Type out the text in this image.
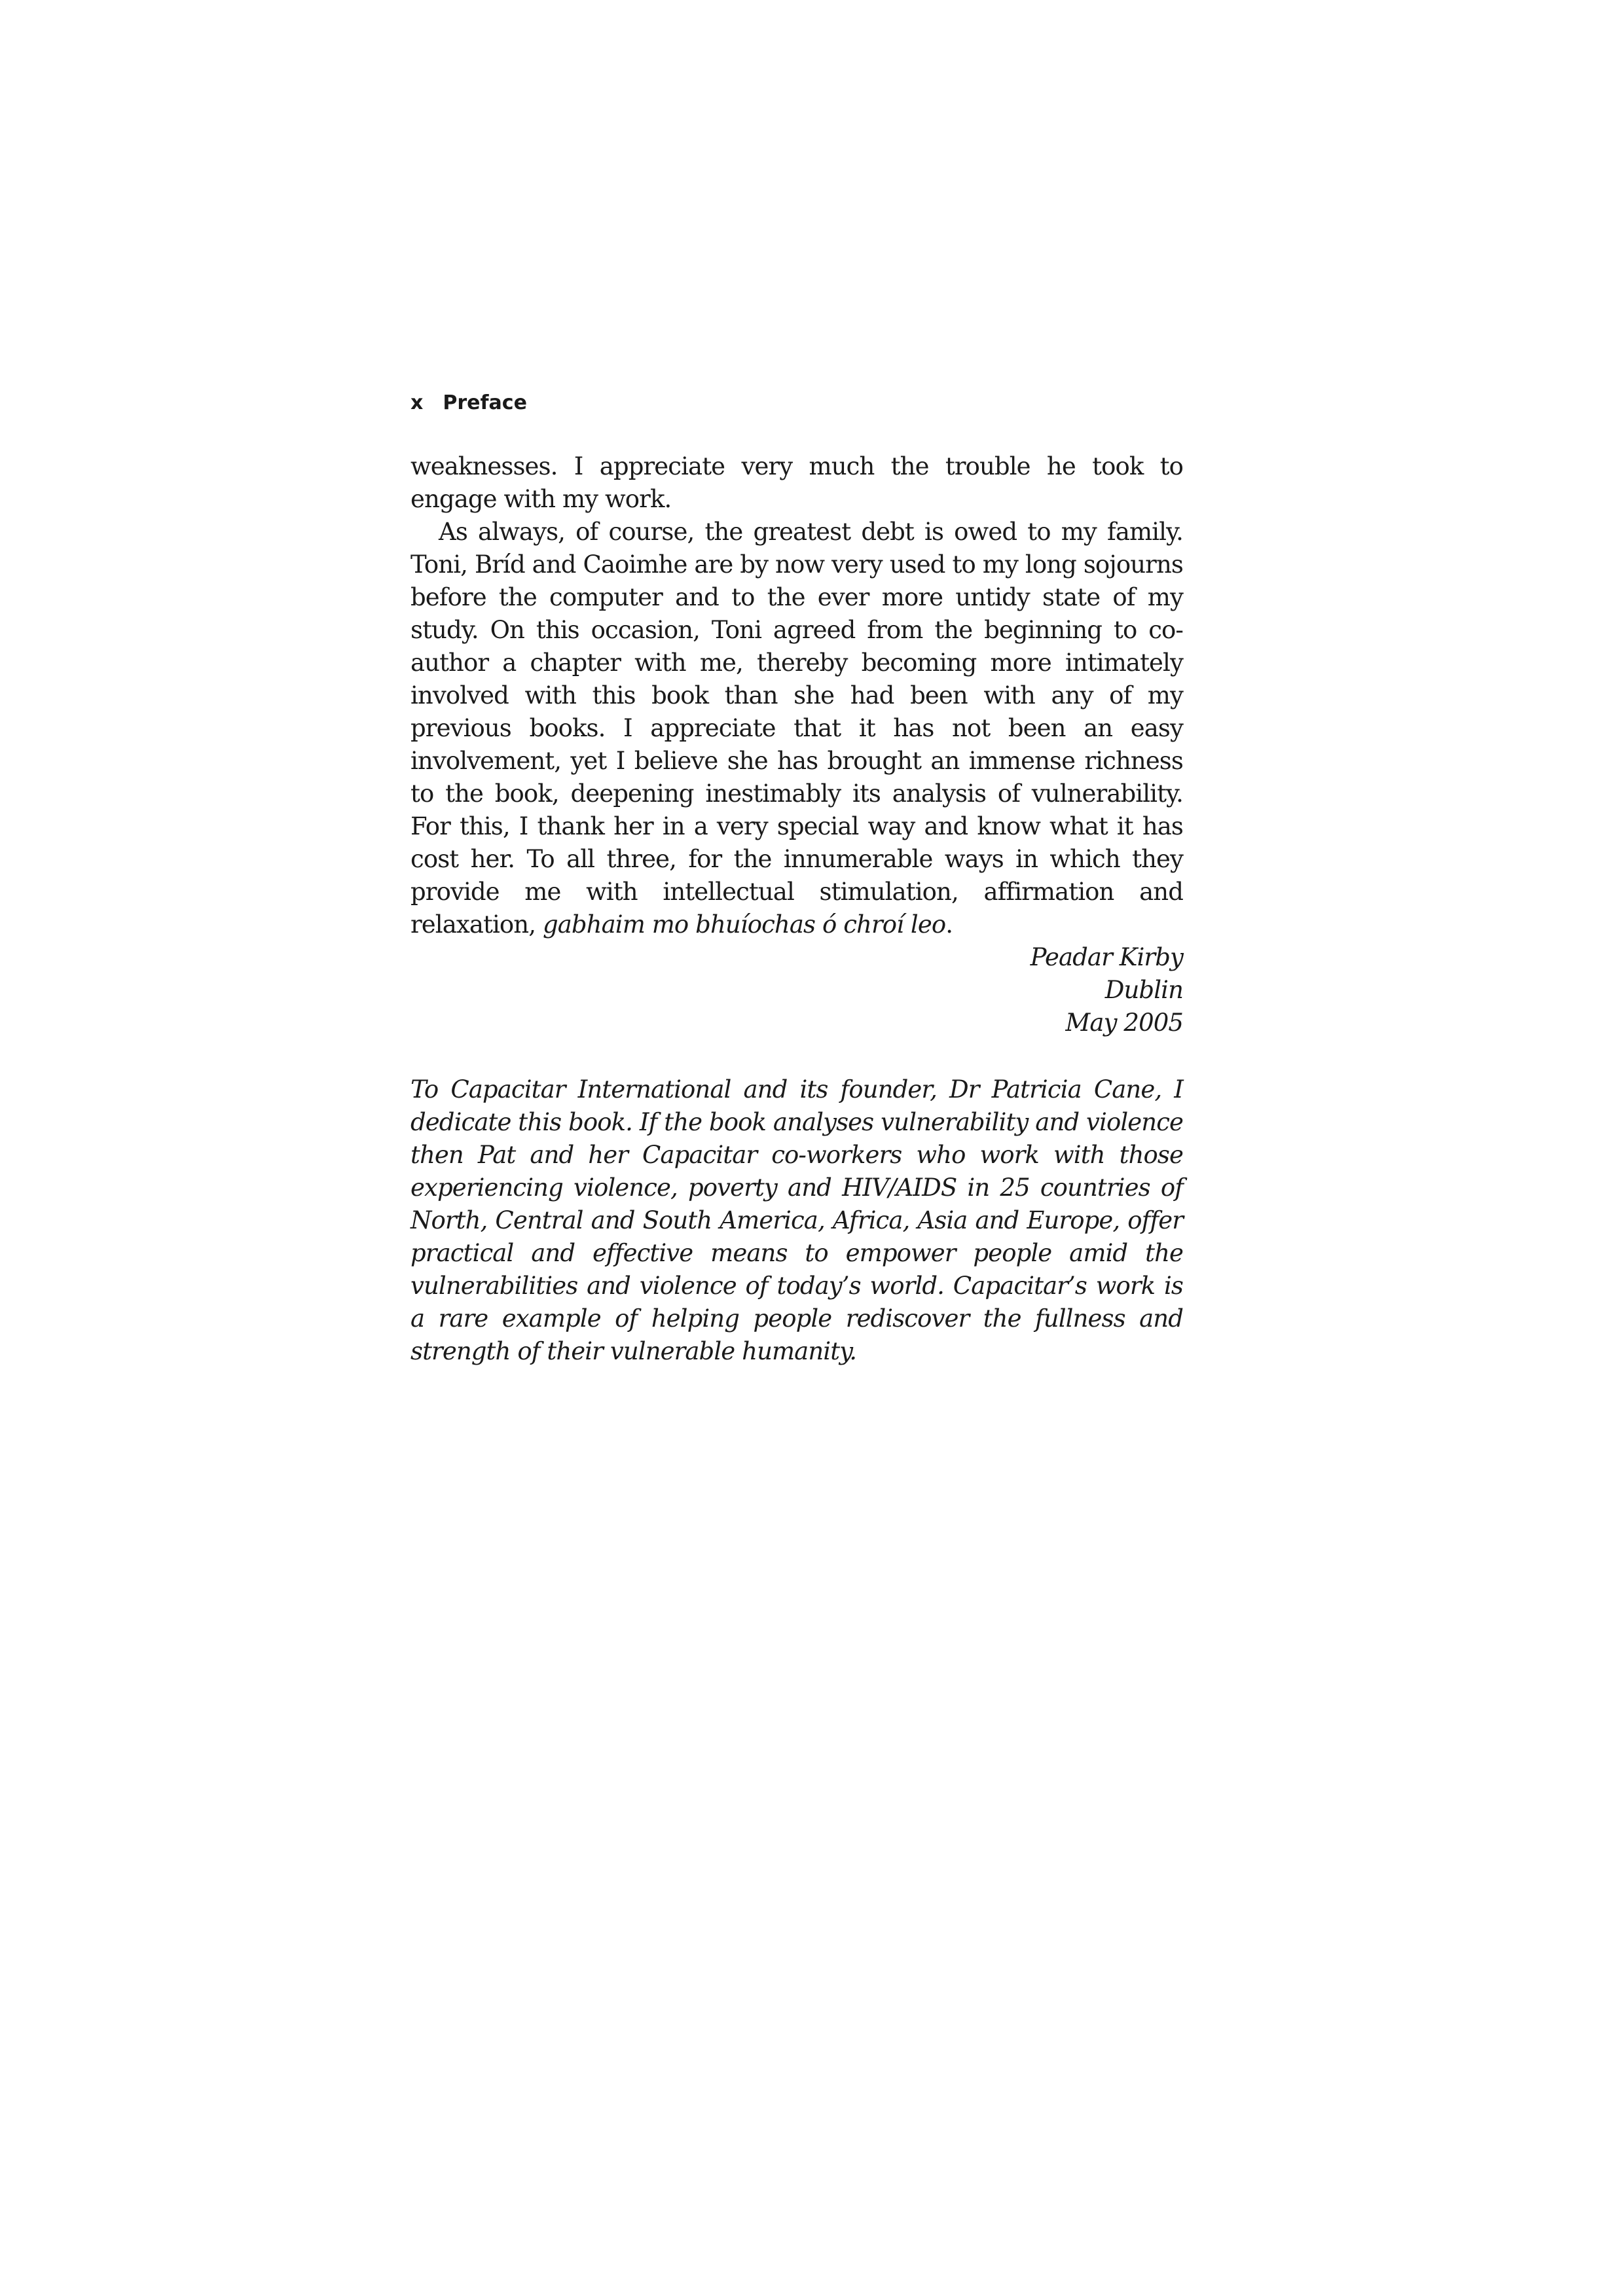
x Preface

weaknesses. I appreciate very much the trouble he took to engage with my work.

As always, of course, the greatest debt is owed to my family. Toni, Bríd and Caoimhe are by now very used to my long sojourns before the computer and to the ever more untidy state of my study. On this occasion, Toni agreed from the beginning to co-author a chapter with me, thereby becoming more intimately involved with this book than she had been with any of my previous books. I appreciate that it has not been an easy involvement, yet I believe she has brought an immense richness to the book, deepening inestimably its analysis of vulnerability. For this, I thank her in a very special way and know what it has cost her. To all three, for the innumerable ways in which they provide me with intellectual stimulation, affirmation and relaxation, gabhaim mo bhuíochas ó chroí leo.

Peadar Kirby
Dublin
May 2005

To Capacitar International and its founder, Dr Patricia Cane, I dedicate this book. If the book analyses vulnerability and violence then Pat and her Capacitar co-workers who work with those experiencing violence, poverty and HIV/AIDS in 25 countries of North, Central and South America, Africa, Asia and Europe, offer practical and effective means to empower people amid the vulnerabilities and violence of today’s world. Capacitar’s work is a rare example of helping people rediscover the fullness and strength of their vulnerable humanity.
